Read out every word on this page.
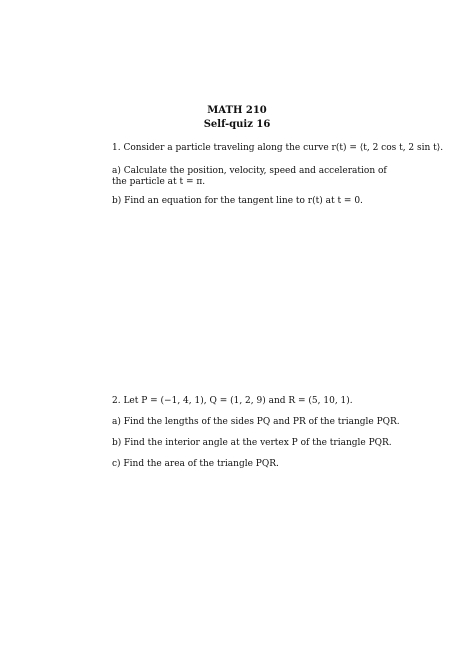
MATH 210
Self-quiz 16
1. Consider a particle traveling along the curve r(t) = ⟨t, 2 cos t, 2 sin t⟩.
a) Calculate the position, velocity, speed and acceleration of the particle at t = π.
b) Find an equation for the tangent line to r(t) at t = 0.
2. Let P = (−1, 4, 1), Q = (1, 2, 9) and R = (5, 10, 1).
a) Find the lengths of the sides PQ and PR of the triangle PQR.
b) Find the interior angle at the vertex P of the triangle PQR.
c) Find the area of the triangle PQR.
